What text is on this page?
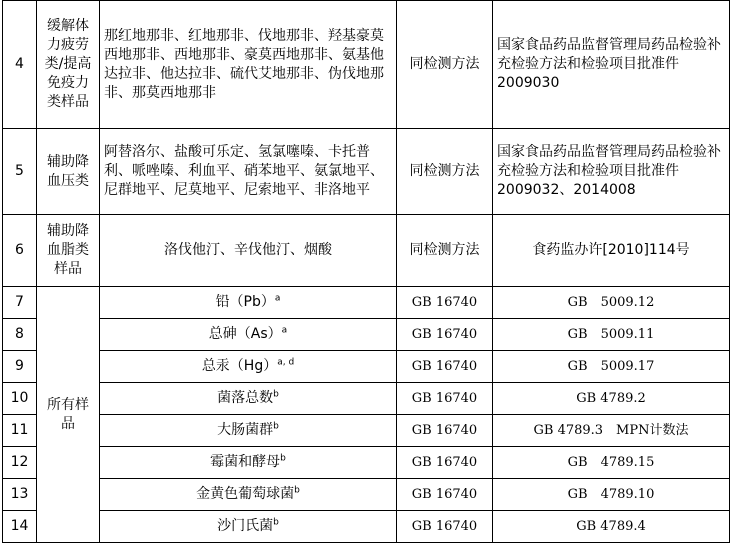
4	缓解体力疲劳类/提高免疫力类样品	那红地那非、红地那非、伐地那非、羟基豪莫西地那非、西地那非、豪莫西地那非、氨基他达拉非、他达拉非、硫代艾地那非、伪伐地那非、那莫西地那非	同检测方法	国家食品药品监督管理局药品检验补充检验方法和检验项目批准件2009030
5	辅助降血压类	阿替洛尔、盐酸可乐定、氢氯噻嗪、卡托普利、哌唑嗪、利血平、硝苯地平、氨氯地平、尼群地平、尼莫地平、尼索地平、非洛地平	同检测方法	国家食品药品监督管理局药品检验补充检验方法和检验项目批准件2009032、2014008
6	辅助降血脂类样品	洛伐他汀、辛伐他汀、烟酸	同检测方法	食药监办许[2010]114号
7	所有样品	铅$(Pb)^a$	GB 16740	GB　5009.12
8		总砷$(As)^a$	GB 16740	GB　5009.11
9		总汞$(Hg)^{a, d}$	GB 16740	GB　5009.17
10		菌落总数$^b$	GB 16740	GB 4789.2
11		大肠菌群$^b$	GB 16740	GB 4789.3　MPN计数法
12		霉菌和酵母$^b$	GB 16740	GB　4789.15
13		金黄色葡萄球菌$^b$	GB 16740	GB　4789.10
14		沙门氏菌$^b$	GB 16740	GB 4789.4
